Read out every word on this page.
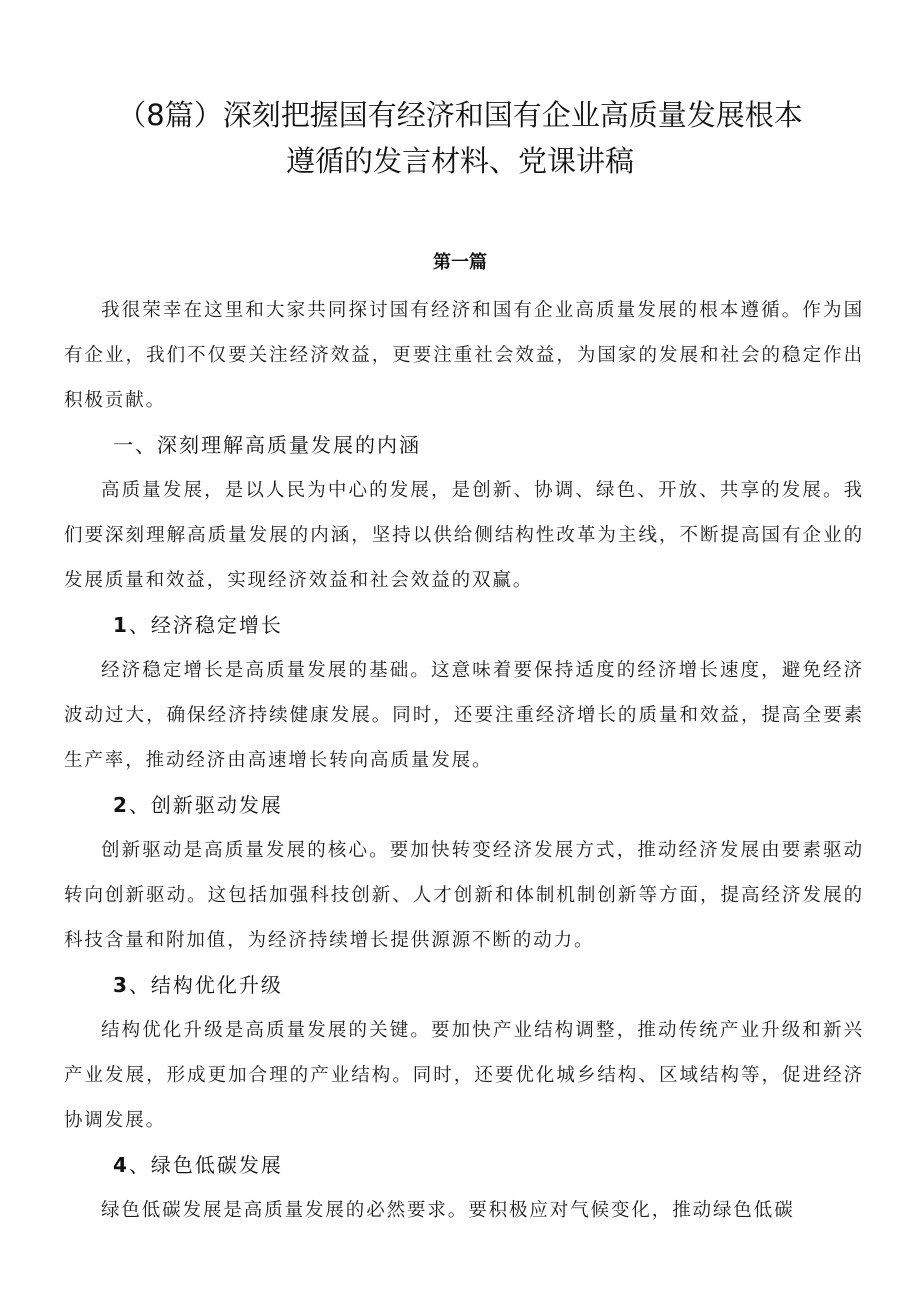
（8篇）深刻把握国有经济和国有企业高质量发展根本
遵循的发言材料、党课讲稿
第一篇

我很荣幸在这里和大家共同探讨国有经济和国有企业高质量发展的根本遵循。作为国有企业，我们不仅要关注经济效益，更要注重社会效益，为国家的发展和社会的稳定作出积极贡献。

一、深刻理解高质量发展的内涵

高质量发展，是以人民为中心的发展，是创新、协调、绿色、开放、共享的发展。我们要深刻理解高质量发展的内涵，坚持以供给侧结构性改革为主线，不断提高国有企业的发展质量和效益，实现经济效益和社会效益的双赢。

1、经济稳定增长

经济稳定增长是高质量发展的基础。这意味着要保持适度的经济增长速度，避免经济波动过大，确保经济持续健康发展。同时，还要注重经济增长的质量和效益，提高全要素生产率，推动经济由高速增长转向高质量发展。

2、创新驱动发展

创新驱动是高质量发展的核心。要加快转变经济发展方式，推动经济发展由要素驱动转向创新驱动。这包括加强科技创新、人才创新和体制机制创新等方面，提高经济发展的科技含量和附加值，为经济持续增长提供源源不断的动力。

3、结构优化升级

结构优化升级是高质量发展的关键。要加快产业结构调整，推动传统产业升级和新兴产业发展，形成更加合理的产业结构。同时，还要优化城乡结构、区域结构等，促进经济协调发展。

4、绿色低碳发展

绿色低碳发展是高质量发展的必然要求。要积极应对气候变化，推动绿色低碳
